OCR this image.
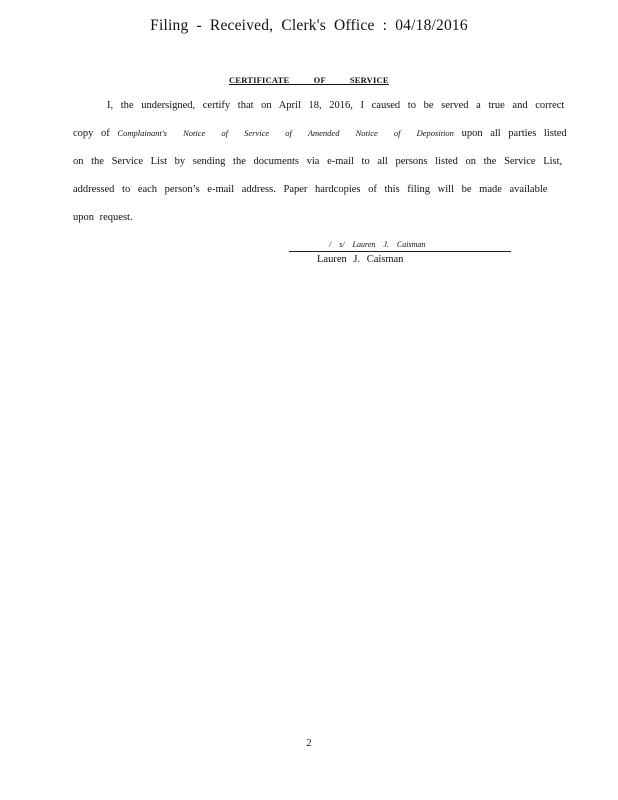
Filing - Received, Clerk's Office : 04/18/2016
CERTIFICATE OF SERVICE
I, the undersigned, certify that on April 18, 2016, I caused to be served a true and correct
copy of Complainant's Notice of Service of Amended Notice of Deposition upon all parties listed
on the Service List by sending the documents via e-mail to all persons listed on the Service List,
addressed to each person’s e-mail address. Paper hardcopies of this filing will be made available
upon request.
/ s/ Lauren J. Caisman
Lauren J. Caisman
2
